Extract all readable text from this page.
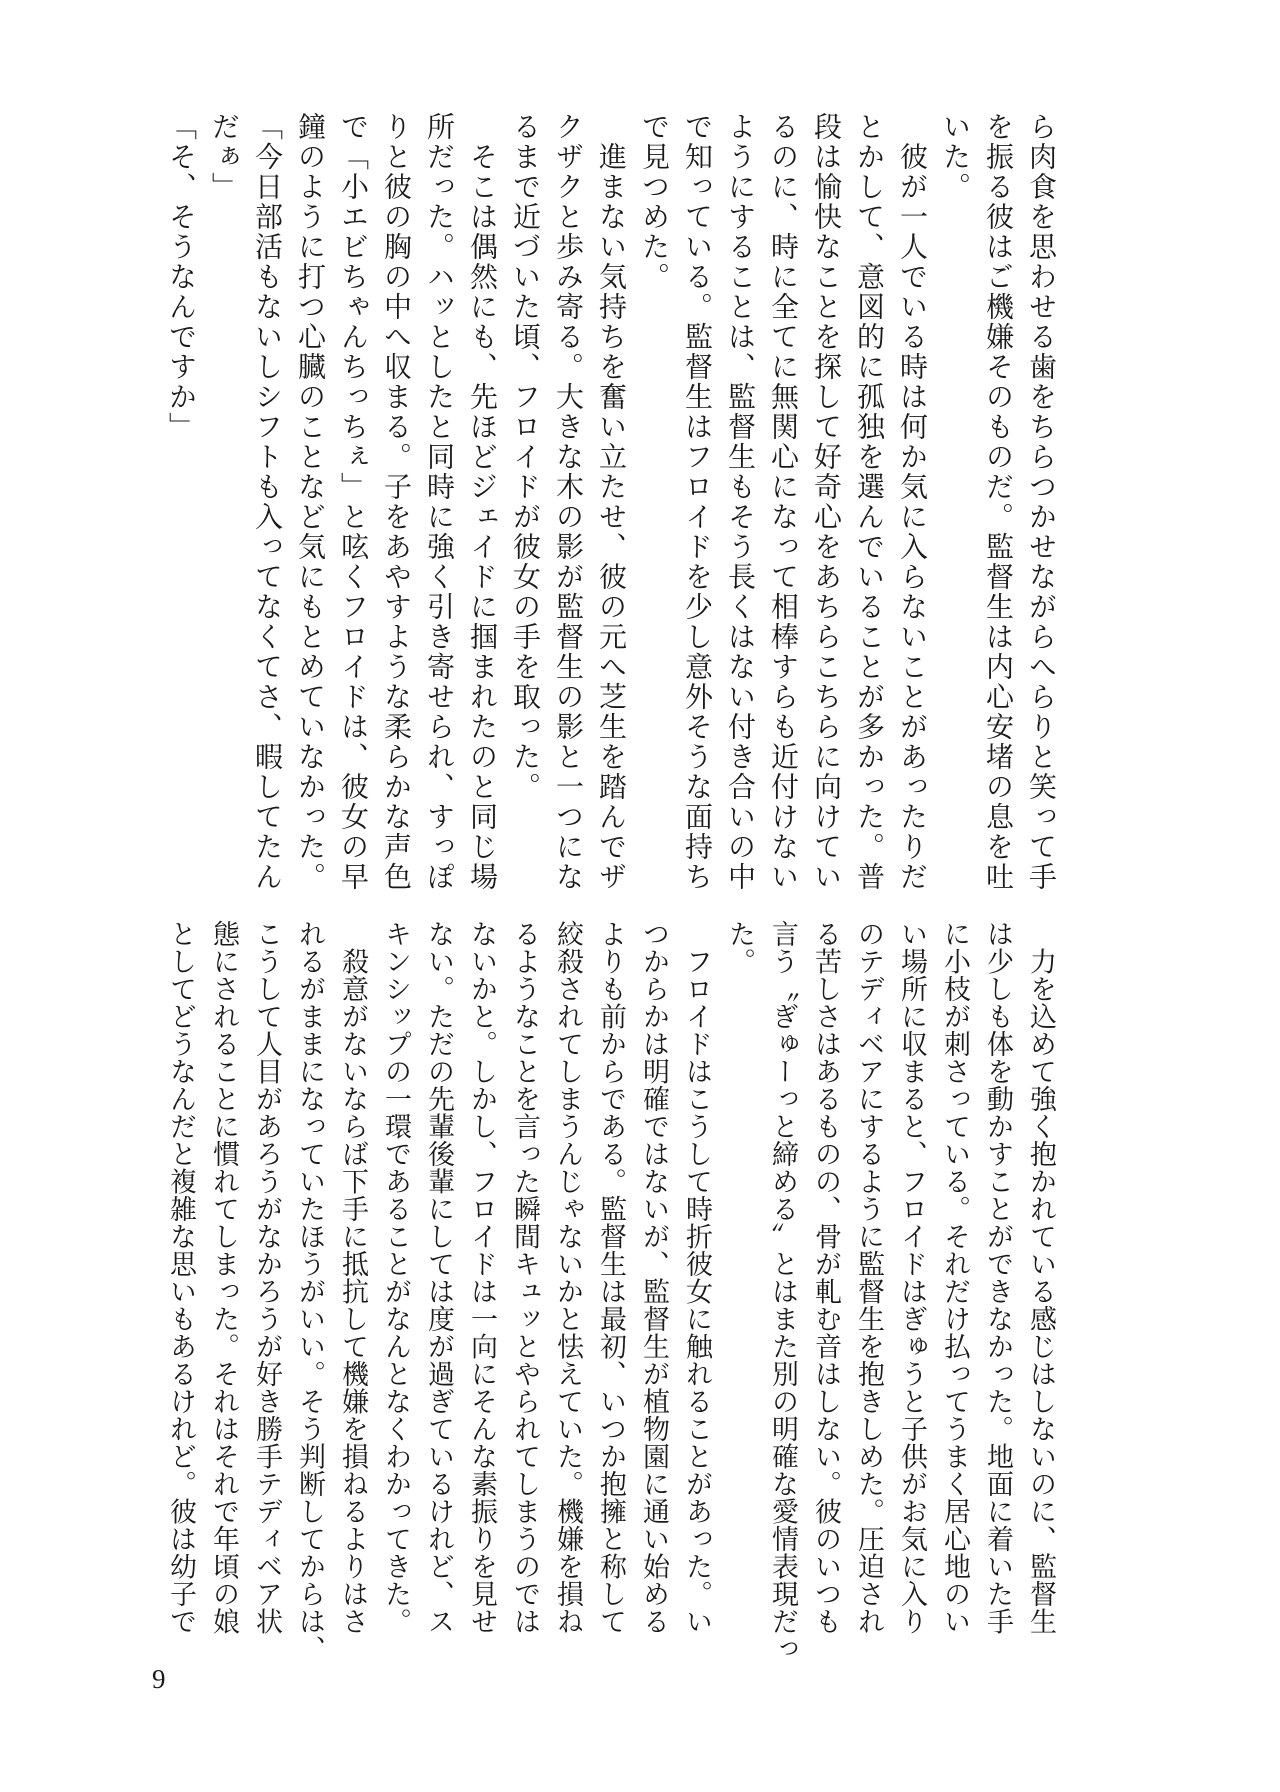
ら肉食を思わせる歯をちらつかせながらへらりと笑って手
を振る彼はご機嫌そのものだ。監督生は内心安堵の息を吐
いた。
　彼が一人でいる時は何か気に入らないことがあったりだ
とかして、意図的に孤独を選んでいることが多かった。普
段は愉快なことを探して好奇心をあちらこちらに向けてい
るのに、時に全てに無関心になって相棒すらも近付けない
ようにすることは、監督生もそう長くはない付き合いの中
で知っている。監督生はフロイドを少し意外そうな面持ち
で見つめた。
　進まない気持ちを奮い立たせ、彼の元へ芝生を踏んでザ
クザクと歩み寄る。大きな木の影が監督生の影と一つにな
るまで近づいた頃、フロイドが彼女の手を取った。
　そこは偶然にも、先ほどジェイドに掴まれたのと同じ場
所だった。ハッとしたと同時に強く引き寄せられ、すっぽ
りと彼の胸の中へ収まる。子をあやすような柔らかな声色
で「小エビちゃんちっちぇ」と呟くフロイドは、彼女の早
鐘のように打つ心臓のことなど気にもとめていなかった。
「今日部活もないしシフトも入ってなくてさ、暇してたん
だぁ」
「そ、そうなんですか」
　力を込めて強く抱かれている感じはしないのに、監督生
は少しも体を動かすことができなかった。地面に着いた手
に小枝が刺さっている。それだけ払ってうまく居心地のい
い場所に収まると、フロイドはぎゅうと子供がお気に入り
のテディベアにするように監督生を抱きしめた。圧迫され
る苦しさはあるものの、骨が軋む音はしない。彼のいつも
言う〝ぎゅーっと締める〟とはまた別の明確な愛情表現だっ
た。
　フロイドはこうして時折彼女に触れることがあった。い
つからかは明確ではないが、監督生が植物園に通い始める
よりも前からである。監督生は最初、いつか抱擁と称して
絞殺されてしまうんじゃないかと怯えていた。機嫌を損ね
るようなことを言った瞬間キュッとやられてしまうのでは
ないかと。しかし、フロイドは一向にそんな素振りを見せ
ない。ただの先輩後輩にしては度が過ぎているけれど、ス
キンシップの一環であることがなんとなくわかってきた。
　殺意がないならば下手に抵抗して機嫌を損ねるよりはさ
れるがままになっていたほうがいい。そう判断してからは、
こうして人目があろうがなかろうが好き勝手テディベア状
態にされることに慣れてしまった。それはそれで年頃の娘
としてどうなんだと複雑な思いもあるけれど。彼は幼子で
9
